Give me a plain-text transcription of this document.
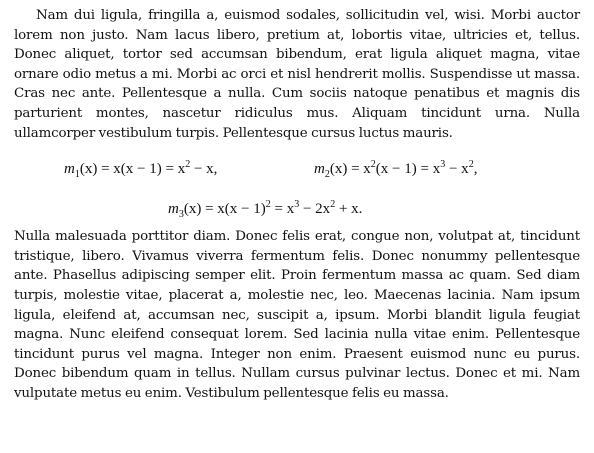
Nam dui ligula, fringilla a, euismod sodales, sollicitudin vel, wisi. Morbi auctor lorem non justo. Nam lacus libero, pretium at, lobortis vitae, ultricies et, tellus. Donec aliquet, tortor sed accumsan bibendum, erat ligula aliquet magna, vitae ornare odio metus a mi. Morbi ac orci et nisl hendrerit mollis. Suspendisse ut massa. Cras nec ante. Pellentesque a nulla. Cum sociis natoque penatibus et magnis dis parturient montes, nascetur ridiculus mus. Aliquam tincidunt urna. Nulla ullamcorper vestibulum turpis. Pellentesque cursus luctus mauris.

$m_1(x) = x(x - 1) = x^2 - x$,	$m_2(x) = x^2(x - 1) = x^3 - x^2$,
$m_3(x) = x(x - 1)^2 = x^3 - 2x^2 + x$.

Nulla malesuada porttitor diam. Donec felis erat, congue non, volutpat at, tincidunt tristique, libero. Vivamus viverra fermentum felis. Donec nonummy pellentesque ante. Phasellus adipiscing semper elit. Proin fermentum massa ac quam. Sed diam turpis, molestie vitae, placerat a, molestie nec, leo. Maecenas lacinia. Nam ipsum ligula, eleifend at, accumsan nec, suscipit a, ipsum. Morbi blandit ligula feugiat magna. Nunc eleifend consequat lorem. Sed lacinia nulla vitae enim. Pellentesque tincidunt purus vel magna. Integer non enim. Praesent euismod nunc eu purus. Donec bibendum quam in tellus. Nullam cursus pulvinar lectus. Donec et mi. Nam vulputate metus eu enim. Vestibulum pellentesque felis eu massa.
